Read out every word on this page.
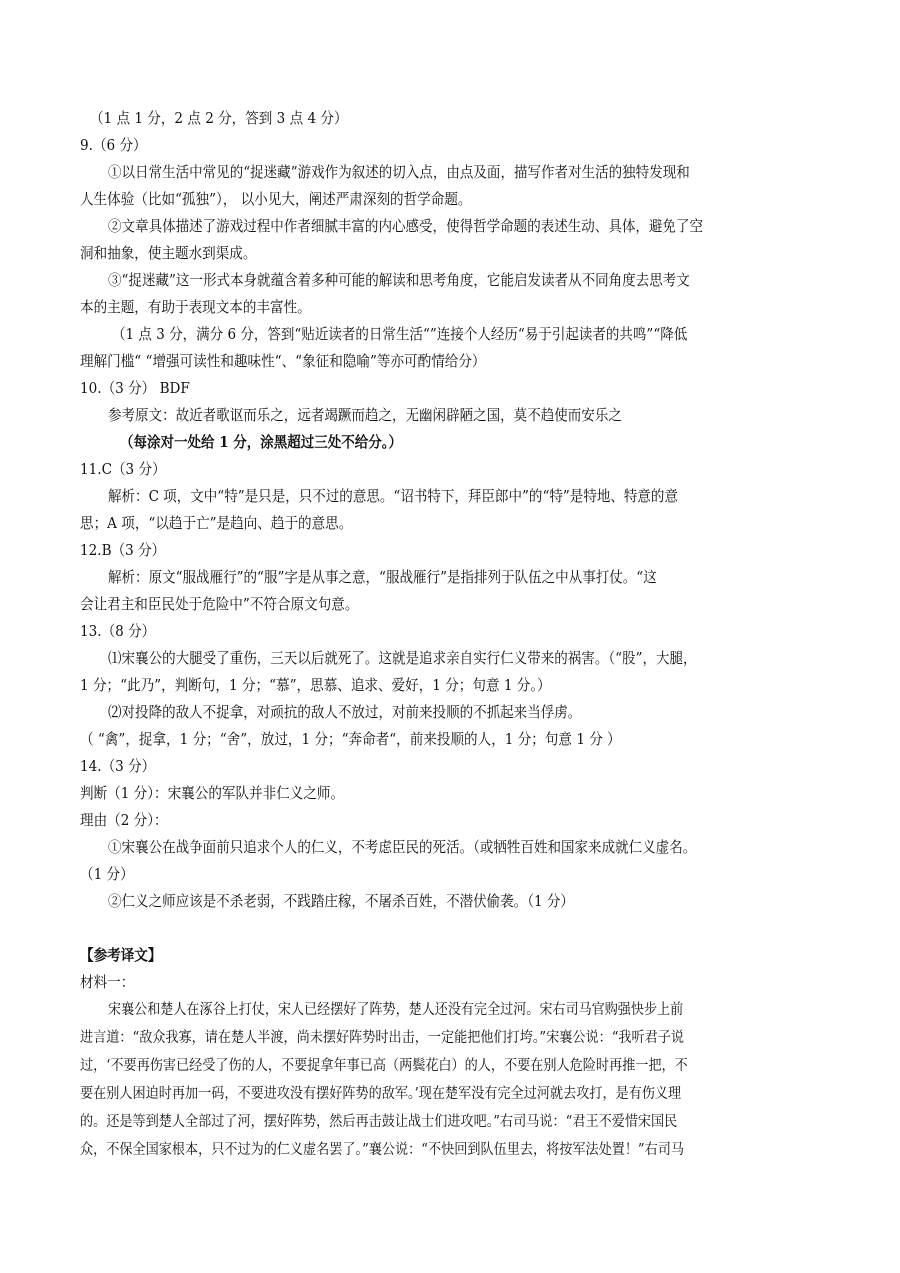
（1 点 1 分，2 点 2 分，答到 3 点 4 分）
9.（6 分）
①以日常生活中常见的“捉迷藏”游戏作为叙述的切入点，由点及面，描写作者对生活的独特发现和
人生体验（比如“孤独”）， 以小见大，阐述严肃深刻的哲学命题。
②文章具体描述了游戏过程中作者细腻丰富的内心感受，使得哲学命题的表述生动、具体，避免了空
洞和抽象，使主题水到渠成。
③“捉迷藏”这一形式本身就蕴含着多种可能的解读和思考角度，它能启发读者从不同角度去思考文
本的主题，有助于表现文本的丰富性。
（1 点 3 分，满分 6 分，答到“贴近读者的日常生活“”连接个人经历“易于引起读者的共鸣”“降低
理解门槛“ “增强可读性和趣味性“、“象征和隐喻”等亦可酌情给分）
10.（3 分） BDF
参考原文：故近者歌讴而乐之，远者竭蹶而趋之，无幽闲辟陋之国，莫不趋使而安乐之
（每涂对一处给 1 分，涂黑超过三处不给分。）
11.C（3 分）
解析：C 项，文中“特”是只是，只不过的意思。“诏书特下，拜臣郎中”的“特”是特地、特意的意
思；A 项，“以趋于亡”是趋向、趋于的意思。
12.B（3 分）
解析：原文“服战雁行”的“服”字是从事之意，“服战雁行”是指排列于队伍之中从事打仗。“这
会让君主和臣民处于危险中”不符合原文句意。
13.（8 分）
⑴宋襄公的大腿受了重伤，三天以后就死了。这就是追求亲自实行仁义带来的祸害。（“股”，大腿，
1 分；“此乃”，判断句，1 分；“慕”，思慕、追求、爱好，1 分；句意 1 分。）
⑵对投降的敌人不捉拿，对顽抗的敌人不放过，对前来投顺的不抓起来当俘虏。
（ “禽”，捉拿，1 分；“舍”，放过，1 分；“奔命者“，前来投顺的人，1 分；句意 1 分 ）
14.（3 分）
判断（1 分）：宋襄公的军队并非仁义之师。
理由（2 分）：
①宋襄公在战争面前只追求个人的仁义，不考虑臣民的死活。（或牺牲百姓和国家来成就仁义虚名。
（1 分）
②仁义之师应该是不杀老弱，不践踏庄稼，不屠杀百姓，不潜伏偷袭。（1 分）
【参考译文】
材料一：
宋襄公和楚人在涿谷上打仗，宋人已经摆好了阵势，楚人还没有完全过河。宋右司马官购强快步上前
进言道：“敌众我寡，请在楚人半渡，尚未摆好阵势时出击，一定能把他们打垮。”宋襄公说：“我听君子说
过，‘不要再伤害已经受了伤的人，不要捉拿年事已高（两鬓花白）的人，不要在别人危险时再推一把，不
要在别人困迫时再加一码，不要进攻没有摆好阵势的敌军。’现在楚军没有完全过河就去攻打，是有伤义理
的。还是等到楚人全部过了河，摆好阵势，然后再击鼓让战士们进攻吧。”右司马说：“君王不爱惜宋国民
众，不保全国家根本，只不过为的仁义虚名罢了。”襄公说：“不快回到队伍里去，将按军法处置！”右司马
